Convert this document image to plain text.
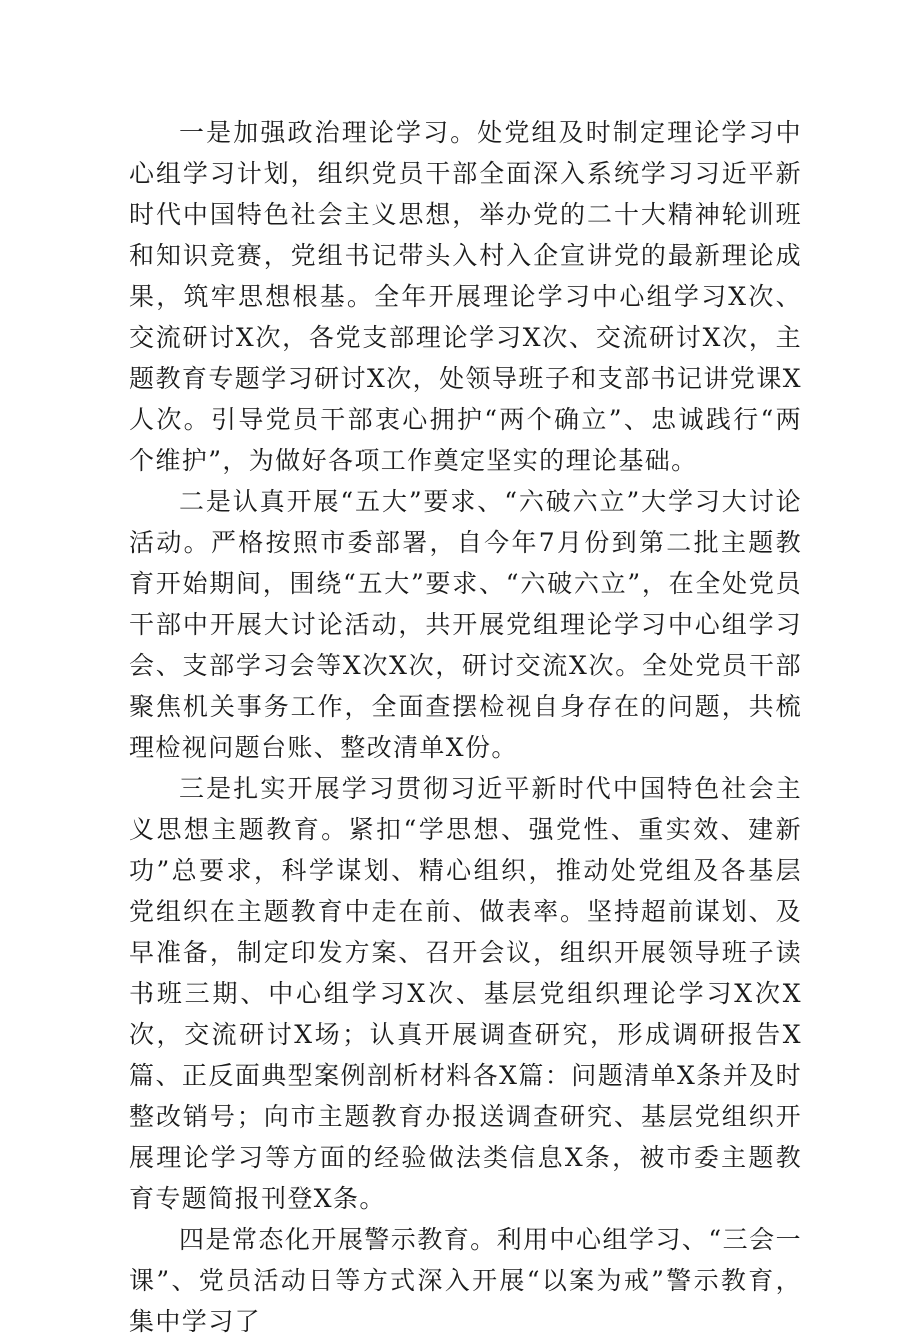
一是加强政治理论学习。处党组及时制定理论学习中心组学习计划，组织党员干部全面深入系统学习习近平新时代中国特色社会主义思想，举办党的二十大精神轮训班和知识竞赛，党组书记带头入村入企宣讲党的最新理论成果，筑牢思想根基。全年开展理论学习中心组学习X次、交流研讨X次，各党支部理论学习X次、交流研讨X次，主题教育专题学习研讨X次，处领导班子和支部书记讲党课X人次。引导党员干部衷心拥护“两个确立”、忠诚践行“两个维护”，为做好各项工作奠定坚实的理论基础。

二是认真开展“五大”要求、“六破六立”大学习大讨论活动。严格按照市委部署，自今年7月份到第二批主题教育开始期间，围绕“五大”要求、“六破六立”，在全处党员干部中开展大讨论活动，共开展党组理论学习中心组学习会、支部学习会等X次X次，研讨交流X次。全处党员干部聚焦机关事务工作，全面查摆检视自身存在的问题，共梳理检视问题台账、整改清单X份。

三是扎实开展学习贯彻习近平新时代中国特色社会主义思想主题教育。紧扣“学思想、强党性、重实效、建新功”总要求，科学谋划、精心组织，推动处党组及各基层党组织在主题教育中走在前、做表率。坚持超前谋划、及早准备，制定印发方案、召开会议，组织开展领导班子读书班三期、中心组学习X次、基层党组织理论学习X次X次，交流研讨X场；认真开展调查研究，形成调研报告X篇、正反面典型案例剖析材料各X篇：问题清单X条并及时整改销号；向市主题教育办报送调查研究、基层党组织开展理论学习等方面的经验做法类信息X条，被市委主题教育专题简报刊登X条。

四是常态化开展警示教育。利用中心组学习、“三会一课”、党员活动日等方式深入开展“以案为戒”警示教育，集中学习了
